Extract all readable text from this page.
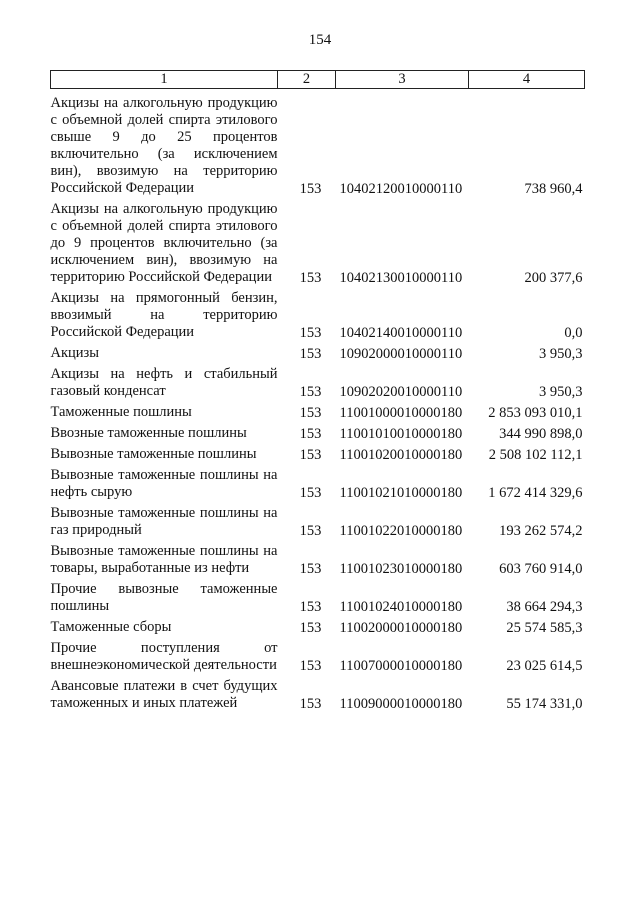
154
1	2	3	4

Акцизы на алкогольную продукцию с объемной долей спирта этилового свыше 9 до 25 процентов включительно (за исключением вин), ввозимую на территорию Российской Федерации	153	10402120010000110	738 960,4
Акцизы на алкогольную продукцию с объемной долей спирта этилового до 9 процентов включительно (за исключением вин), ввозимую на территорию Российской Федерации	153	10402130010000110	200 377,6
Акцизы на прямогонный бензин, ввозимый на территорию Российской Федерации	153	10402140010000110	0,0
Акцизы	153	10902000010000110	3 950,3
Акцизы на нефть и стабильный газовый конденсат	153	10902020010000110	3 950,3
Таможенные пошлины	153	11001000010000180	2 853 093 010,1
Ввозные таможенные пошлины	153	11001010010000180	344 990 898,0
Вывозные таможенные пошлины	153	11001020010000180	2 508 102 112,1
Вывозные таможенные пошлины на нефть сырую	153	11001021010000180	1 672 414 329,6
Вывозные таможенные пошлины на газ природный	153	11001022010000180	193 262 574,2
Вывозные таможенные пошлины на товары, выработанные из нефти	153	11001023010000180	603 760 914,0
Прочие вывозные таможенные пошлины	153	11001024010000180	38 664 294,3
Таможенные сборы	153	11002000010000180	25 574 585,3
Прочие поступления от внешнеэкономической деятельности	153	11007000010000180	23 025 614,5
Авансовые платежи в счет будущих таможенных и иных платежей	153	11009000010000180	55 174 331,0
